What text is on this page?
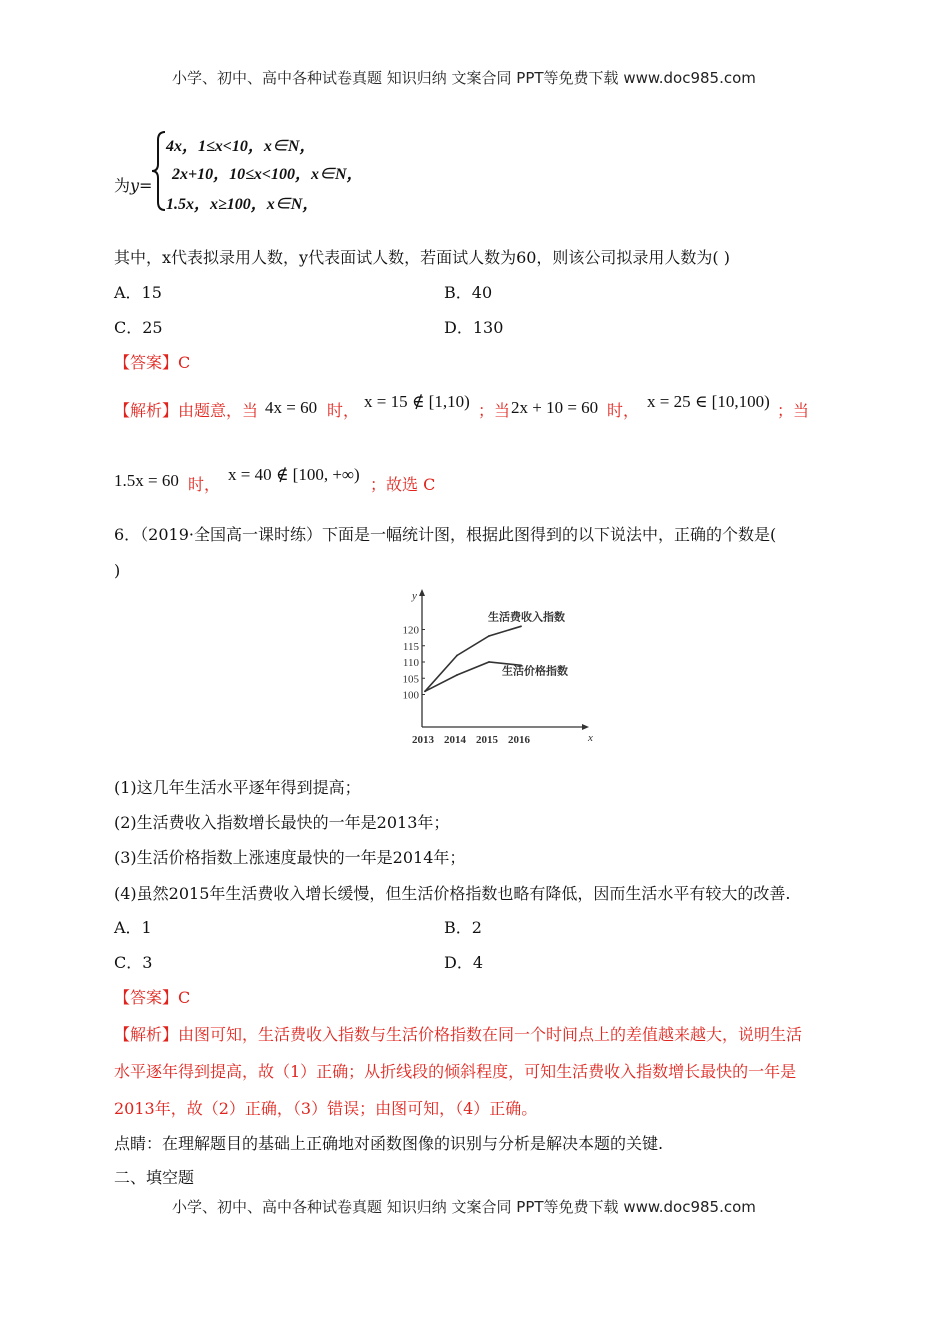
小学、初中、高中各种试卷真题 知识归纳 文案合同 PPT等免费下载 www.doc985.com
为y=
4x，1≤x<10，x∈N，
2x+10，10≤x<100，x∈N，
1.5x，x≥100，x∈N，
其中，x代表拟录用人数，y代表面试人数，若面试人数为60，则该公司拟录用人数为( )
A．15	B．40
C．25	D．130
【答案】C
【解析】 由题意，当 4x = 60 时， x = 15 ∉ [1,10) ；当 2x + 10 = 60 时， x = 25 ∈ [10,100) ；当
1.5x = 60 时，
x = 40 ∉ [100, +∞)
；故选 C
6．（2019·全国高一课时练）下面是一幅统计图，根据此图得到的以下说法中，正确的个数是(
)
x
y
100
105
110
115
120
2013 2014 2015 2016
生活费收入指数
生活价格指数
(1)这几年生活水平逐年得到提高；
(2)生活费收入指数增长最快的一年是2013年；
(3)生活价格指数上涨速度最快的一年是2014年；
(4)虽然2015年生活费收入增长缓慢，但生活价格指数也略有降低，因而生活水平有较大的改善.
A．1	B．2
C．3	D．4
【答案】C
【解析】由图可知，生活费收入指数与生活价格指数在同一个时间点上的差值越来越大，说明生活
水平逐年得到提高，故（1）正确；从折线段的倾斜程度，可知生活费收入指数增长最快的一年是
2013年，故（2）正确，（3）错误；由图可知，（4）正确。
点睛：在理解题目的基础上正确地对函数图像的识别与分析是解决本题的关键.
二、填空题
小学、初中、高中各种试卷真题 知识归纳 文案合同 PPT等免费下载 www.doc985.com
